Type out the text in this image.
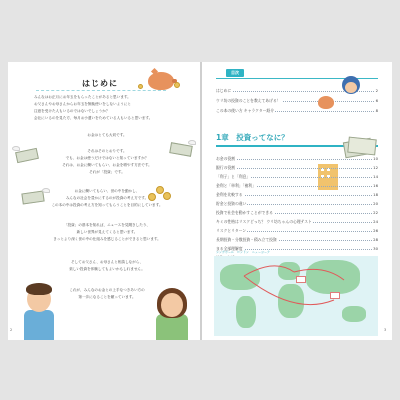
はじめに
みんなはお正月にお年玉をもらったことがあると思います。
お父さんやお母さんからお年玉を無駄使いをしないようにと
注意を受けた人もいるのではないでしょうか？
会社にいるのを見た方、毎月お小遣いをためている人もいると思います。
お金はとても大切です。
それはそのとおりです。
でも、お金は使うだけではないと知っていますか？
それは、お金に働いてもらい、お金を増やす方法です。
それが「投資」です。
お金に働いてもらい、世の中を動かし、
みんなの社会を豊かにするのが投資の考え方です。
この本の中は投資の考え方を知ってもらうことを目的にしています。
「投資」の基本を知れば、ニュースを見聞きしたり、
新しい世界が見えてくると思います。
きっとより深く世の中の仕組みを感じることができると思います。
そしてお父さん、お母さんと相談しながら、
楽しい投資を体験してもよいかもしれません。
これが、みんなのお金との上手なつきあい方の
第一歩になることを願っています。
2
目次
はじめに	2
ウリ坊の投資のことを教えてあげる！	6
この本の使い方 キャラクター紹介	8
1章　投資ってなに？
お金の役割	10
銀行の役割	12
「利子」と「利息」	14
金利と「単利」「複利」	16
金利を比較する	18
貯金と投資の違い	20
投資で社会を動かすことができる	22
キミの性格はリスクどっち？ ウリ坊ちゃんの心理テスト	24
リスクとリターン	26
長期投資・分散投資・積み立て投資	28
まる全部理解度	30
シンガポール　ロンドン　ニューヨーク
3
